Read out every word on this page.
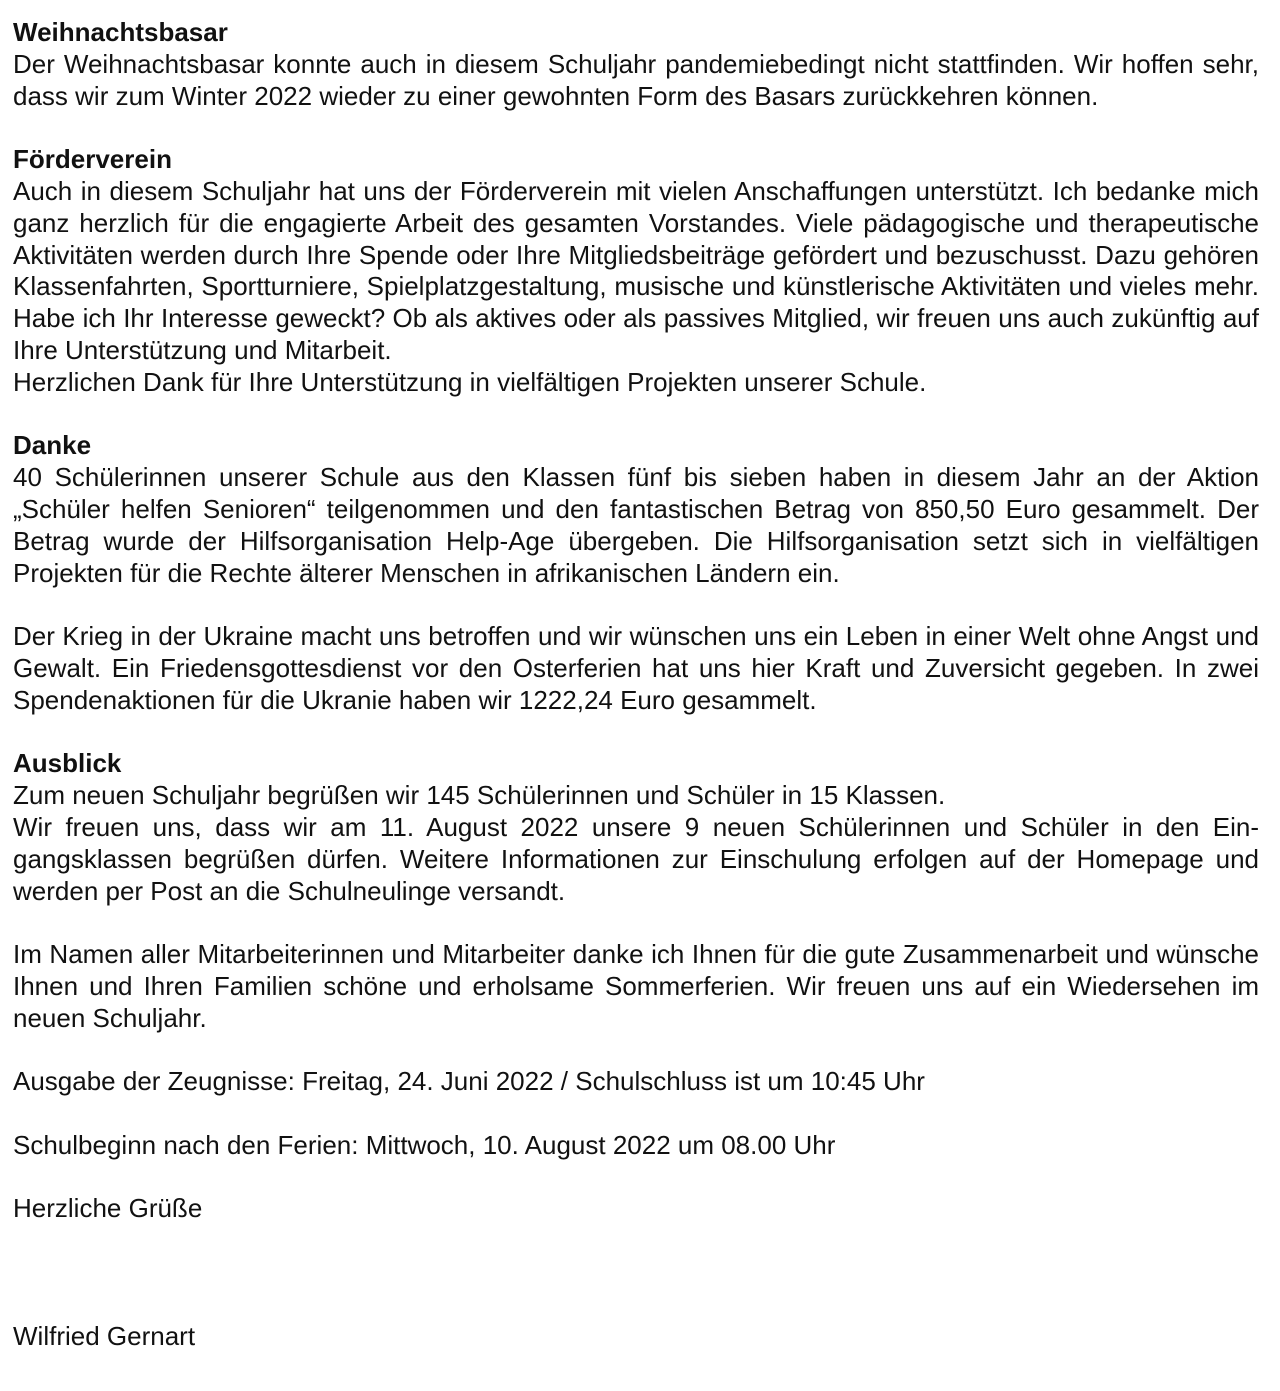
Weihnachtsbasar

Der Weihnachtsbasar konnte auch in diesem Schuljahr pandemiebedingt nicht stattfinden. Wir hoffen sehr, dass wir zum Winter 2022 wieder zu einer gewohnten Form des Basars zurückkehren können.

Förderverein

Auch in diesem Schuljahr hat uns der Förderverein mit vielen Anschaffungen unterstützt. Ich bedanke mich ganz herzlich für die engagierte Arbeit des gesamten Vorstandes. Viele pädagogische und therapeutische Aktivitäten werden durch Ihre Spende oder Ihre Mitgliedsbeiträge gefördert und bezuschusst. Dazu gehören Klassenfahrten, Sportturniere, Spielplatzgestaltung, musische und künstlerische Aktivitäten und vieles mehr. Habe ich Ihr Interesse geweckt? Ob als aktives oder als passives Mitglied, wir freuen uns auch zukünftig auf Ihre Unterstützung und Mitarbeit.

Herzlichen Dank für Ihre Unterstützung in vielfältigen Projekten unserer Schule.

Danke

40 Schülerinnen unserer Schule aus den Klassen fünf bis sieben haben in diesem Jahr an der Aktion „Schüler helfen Senioren“ teilgenommen und den fantastischen Betrag von 850,50 Euro gesammelt. Der Betrag wurde der Hilfsorganisation Help-Age übergeben. Die Hilfsorganisation setzt sich in vielfältigen Projekten für die Rechte älterer Menschen in afrikanischen Ländern ein.

Der Krieg in der Ukraine macht uns betroffen und wir wünschen uns ein Leben in einer Welt ohne Angst und Gewalt. Ein Friedensgottesdienst vor den Osterferien hat uns hier Kraft und Zuversicht gegeben. In zwei Spendenaktionen für die Ukranie haben wir 1222,24 Euro gesammelt.

Ausblick

Zum neuen Schuljahr begrüßen wir 145 Schülerinnen und Schüler in 15 Klassen.

Wir freuen uns, dass wir am 11. August 2022 unsere 9 neuen Schülerinnen und Schüler in den Eingangsklassen begrüßen dürfen. Weitere Informationen zur Einschulung erfolgen auf der Homepage und werden per Post an die Schulneulinge versandt.

Im Namen aller Mitarbeiterinnen und Mitarbeiter danke ich Ihnen für die gute Zusammenarbeit und wünsche Ihnen und Ihren Familien schöne und erholsame Sommerferien. Wir freuen uns auf ein Wiedersehen im neuen Schuljahr.

Ausgabe der Zeugnisse: Freitag, 24. Juni 2022 / Schulschluss ist um 10:45 Uhr

Schulbeginn nach den Ferien: Mittwoch, 10. August 2022 um 08.00 Uhr

Herzliche Grüße

Wilfried Gernart
